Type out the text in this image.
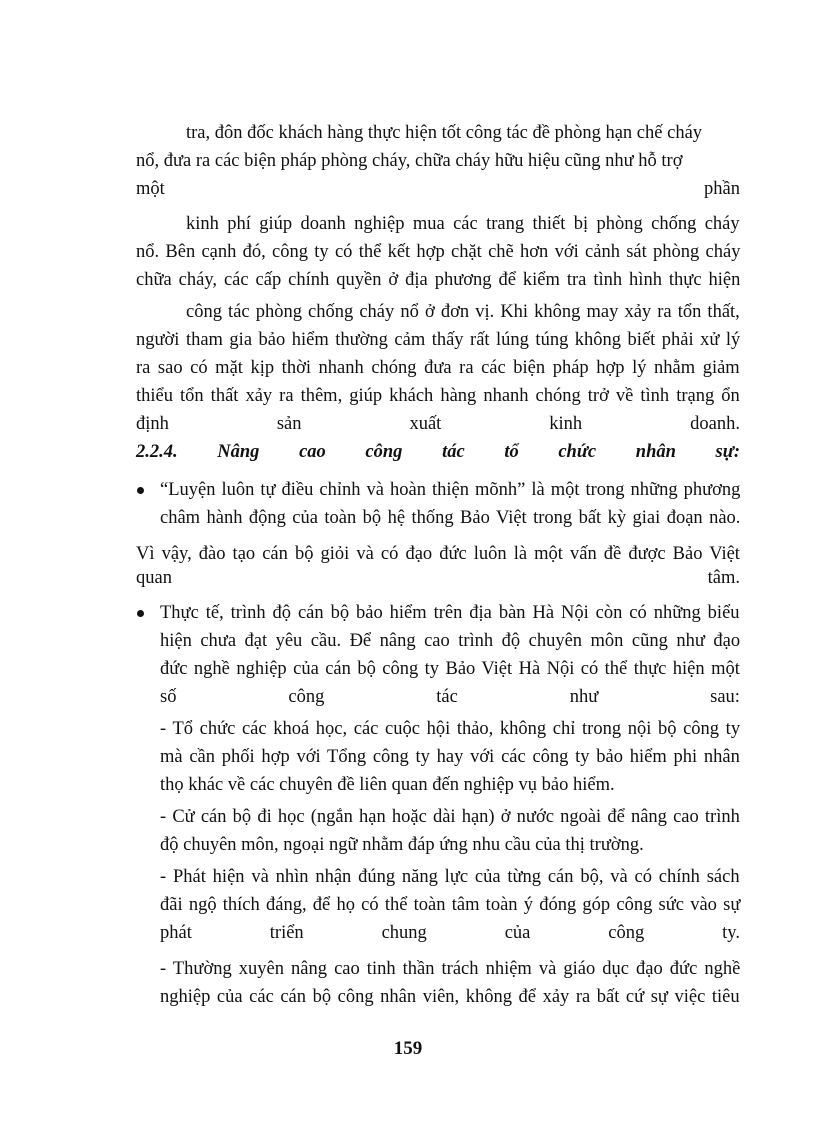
tra, đôn đốc khách hàng thực hiện tốt công tác đề phòng hạn chế cháy
nổ, đưa ra các biện pháp phòng cháy, chữa cháy hữu hiệu cũng như hỗ trợ
một	phần
kinh phí giúp doanh nghiệp mua các trang thiết bị phòng chống cháy
nổ. Bên cạnh đó, công ty có thể kết hợp chặt chẽ hơn với cảnh sát phòng cháy
chữa cháy, các cấp chính quyền ở địa phương để kiểm tra tình hình thực hiện
công tác phòng chống cháy nổ ở đơn vị. Khi không may xảy ra tổn thất,
người tham gia bảo hiểm thường cảm thấy rất lúng túng không biết phải xử lý
ra sao có mặt kịp thời nhanh chóng đưa ra các biện pháp hợp lý nhằm giảm
thiểu tổn thất xảy ra thêm, giúp khách hàng nhanh chóng trở về tình trạng ổn
định	sản	xuất	kinh	doanh.
2.2.4. Nâng cao công tác tổ chức nhân sự:
“Luyện luôn tự điều chỉnh và hoàn thiện mõnh” là một trong những phương
châm hành động của toàn bộ hệ thống Bảo Việt trong bất kỳ giai đoạn nào.
Vì vậy, đào tạo cán bộ giỏi và có đạo đức luôn là một vấn đề được Bảo Việt
quan	tâm.
Thực tế, trình độ cán bộ bảo hiểm trên địa bàn Hà Nội còn có những biểu
hiện chưa đạt yêu cầu. Để nâng cao trình độ chuyên môn cũng như đạo
đức nghề nghiệp của cán bộ công ty Bảo Việt Hà Nội có thể thực hiện một
số	công	tác	như	sau:
- Tổ chức các khoá học, các cuộc hội thảo, không chỉ trong nội bộ công ty
mà cần phối hợp với Tổng công ty hay với các công ty bảo hiểm phi nhân
thọ khác về các chuyên đề liên quan đến nghiệp vụ bảo hiểm.
- Cử cán bộ đi học (ngắn hạn hoặc dài hạn) ở nước ngoài để nâng cao trình
độ chuyên môn, ngoại ngữ nhằm đáp ứng nhu cầu của thị trường.
- Phát hiện và nhìn nhận đúng năng lực của từng cán bộ, và có chính sách
đãi ngộ thích đáng, để họ có thể toàn tâm toàn ý đóng góp công sức vào sự
phát	triển	chung	của	công	ty.
- Thường xuyên nâng cao tinh thần trách nhiệm và giáo dục đạo đức nghề
nghiệp của các cán bộ công nhân viên, không để xảy ra bất cứ sự việc tiêu
159
